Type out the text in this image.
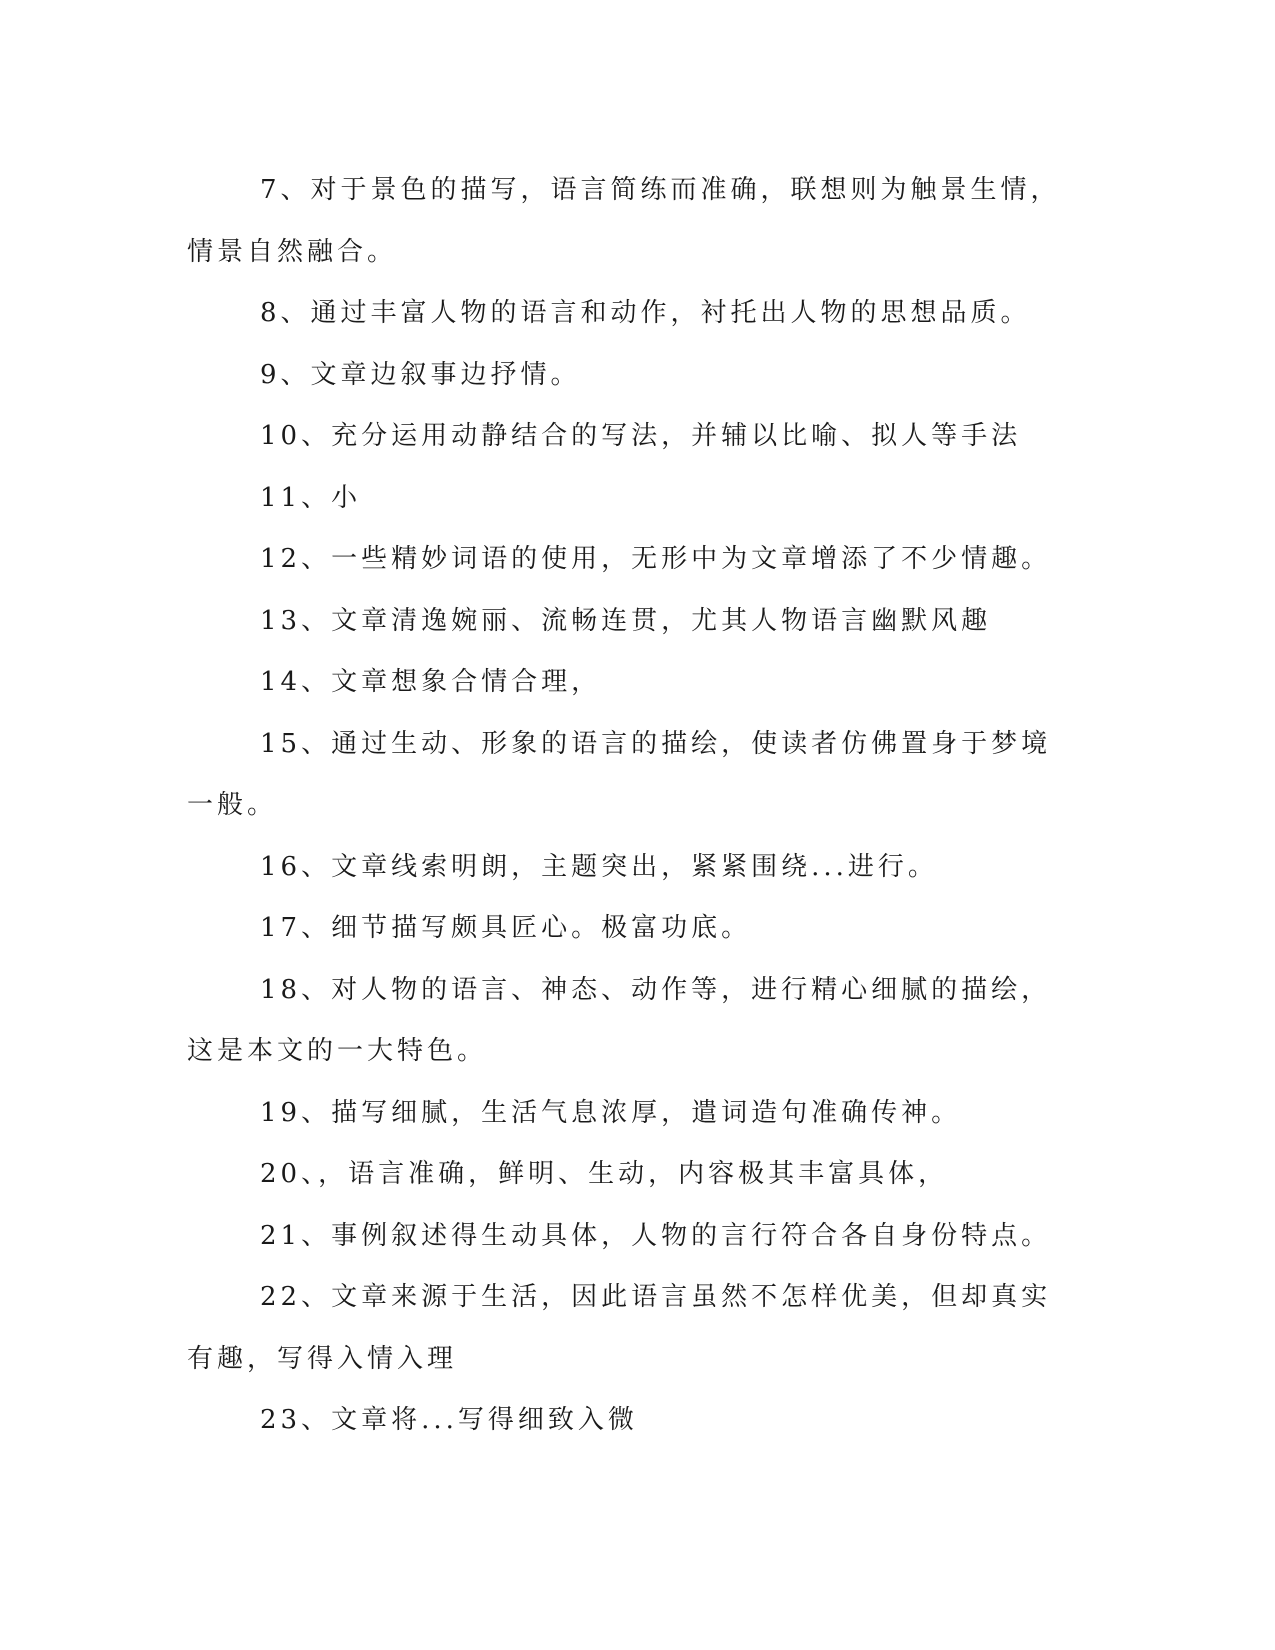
7、对于景色的描写，语言简练而准确，联想则为触景生情，情景自然融合。

8、通过丰富人物的语言和动作，衬托出人物的思想品质。

9、文章边叙事边抒情。

10、充分运用动静结合的写法，并辅以比喻、拟人等手法

11、小

12、一些精妙词语的使用，无形中为文章增添了不少情趣。

13、文章清逸婉丽、流畅连贯，尤其人物语言幽默风趣

14、文章想象合情合理，

15、通过生动、形象的语言的描绘，使读者仿佛置身于梦境一般。

16、文章线索明朗，主题突出，紧紧围绕...进行。

17、细节描写颇具匠心。极富功底。

18、对人物的语言、神态、动作等，进行精心细腻的描绘，这是本文的一大特色。

19、描写细腻，生活气息浓厚，遣词造句准确传神。

20、，语言准确，鲜明、生动，内容极其丰富具体，

21、事例叙述得生动具体，人物的言行符合各自身份特点。

22、文章来源于生活，因此语言虽然不怎样优美，但却真实有趣，写得入情入理

23、文章将...写得细致入微
